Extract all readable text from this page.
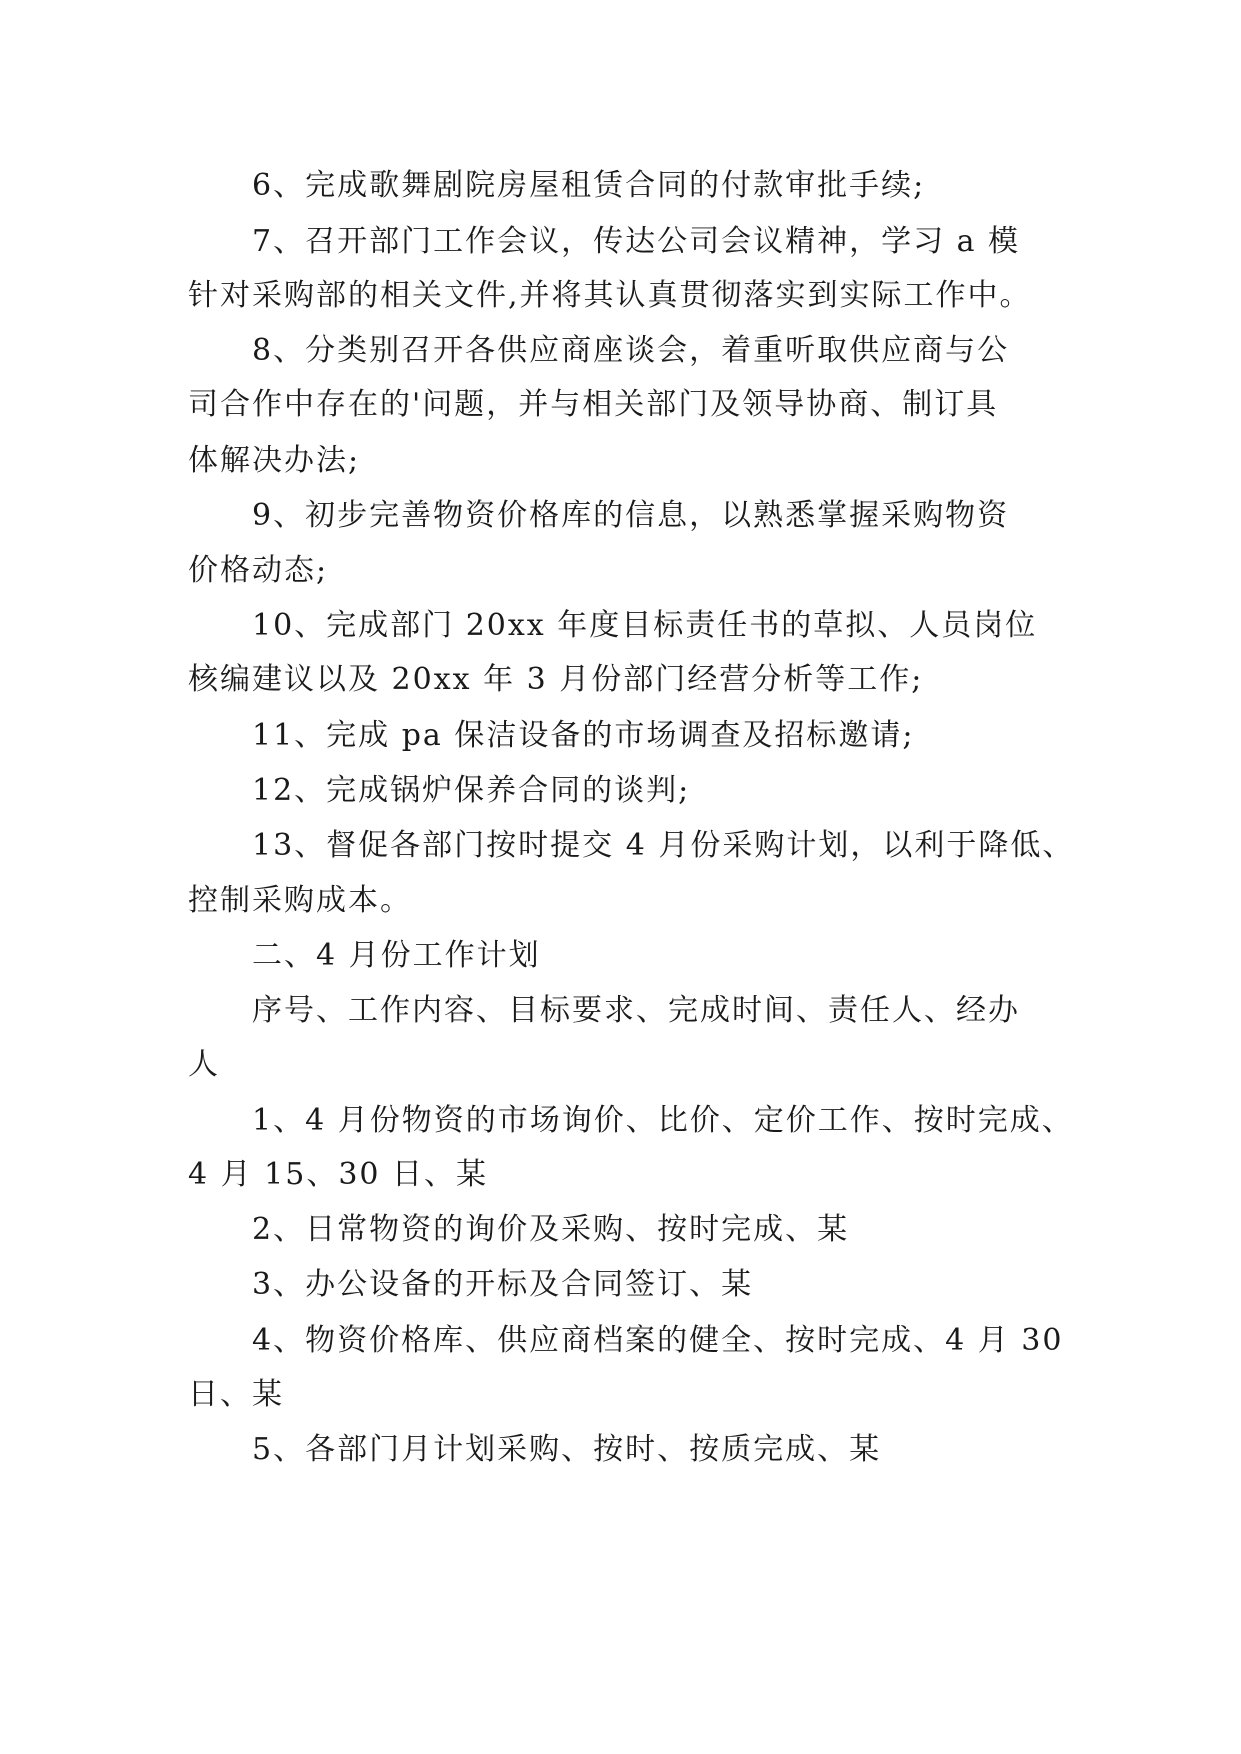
6、完成歌舞剧院房屋租赁合同的付款审批手续;

7、召开部门工作会议，传达公司会议精神，学习 a 模

针对采购部的相关文件,并将其认真贯彻落实到实际工作中。

8、分类别召开各供应商座谈会，着重听取供应商与公

司合作中存在的'问题，并与相关部门及领导协商、制订具

体解决办法;

9、初步完善物资价格库的信息，以熟悉掌握采购物资

价格动态;

10、完成部门 20xx 年度目标责任书的草拟、人员岗位

核编建议以及 20xx 年 3 月份部门经营分析等工作;

11、完成 pa 保洁设备的市场调查及招标邀请;

12、完成锅炉保养合同的谈判;

13、督促各部门按时提交 4 月份采购计划，以利于降低、

控制采购成本。

二、4 月份工作计划

序号、工作内容、目标要求、完成时间、责任人、经办

人

1、4 月份物资的市场询价、比价、定价工作、按时完成、

4 月 15、30 日、某

2、日常物资的询价及采购、按时完成、某

3、办公设备的开标及合同签订、某

4、物资价格库、供应商档案的健全、按时完成、4 月 30

日、某

5、各部门月计划采购、按时、按质完成、某
